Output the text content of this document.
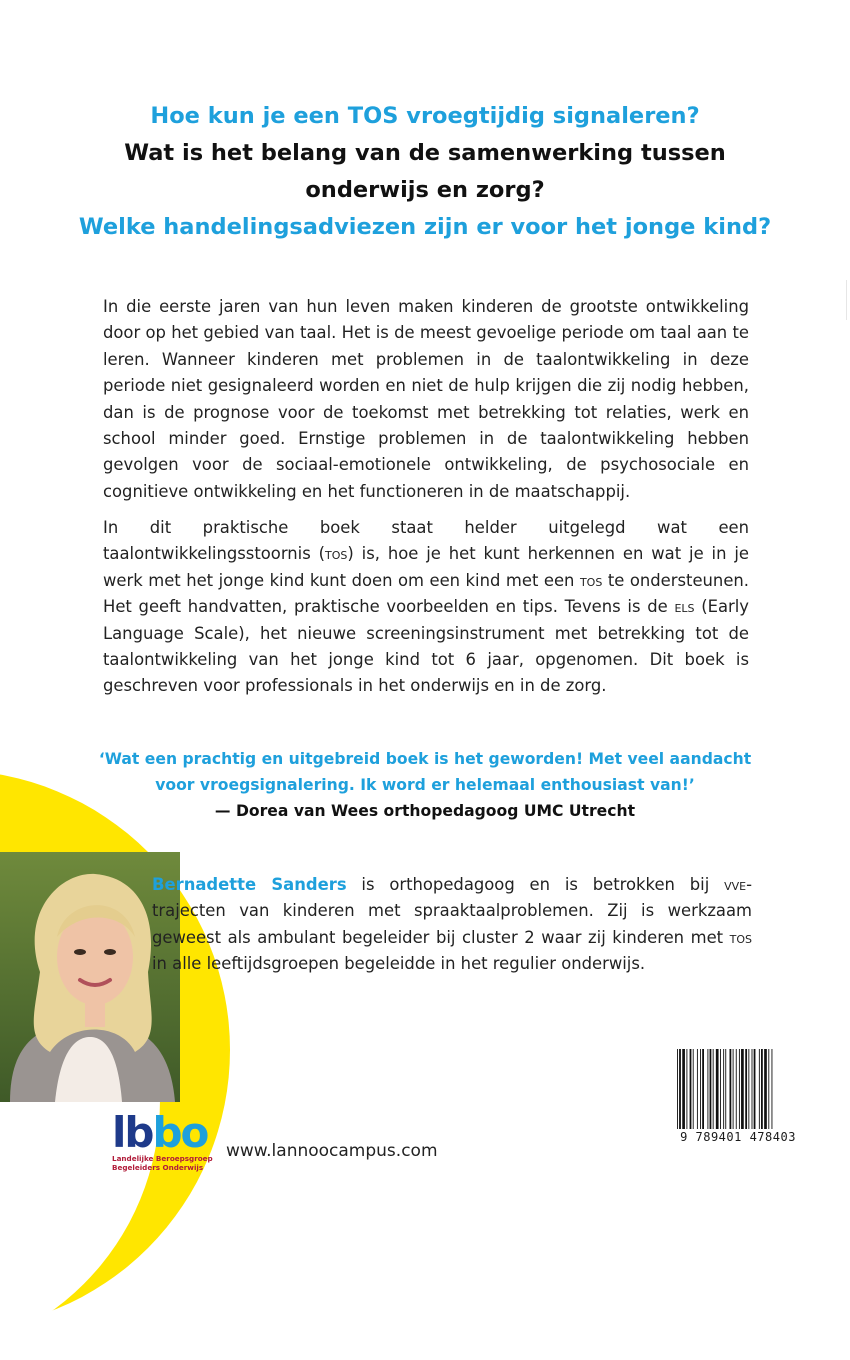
Hoe kun je een TOS vroegtijdig signaleren?
Wat is het belang van de samenwerking tussen
onderwijs en zorg?
Welke handelingsadviezen zijn er voor het jonge kind?

In die eerste jaren van hun leven maken kinderen de grootste ontwikkeling door op het gebied van taal. Het is de meest gevoelige periode om taal aan te leren. Wanneer kinderen met problemen in de taalontwikkeling in deze periode niet gesignaleerd worden en niet de hulp krijgen die zij nodig hebben, dan is de prognose voor de toekomst met betrekking tot relaties, werk en school minder goed. Ernstige problemen in de taalontwikkeling hebben gevolgen voor de sociaal-emotionele ontwikkeling, de psychosociale en cognitieve ontwikkeling en het functioneren in de maatschappij.

In dit praktische boek staat helder uitgelegd wat een taalontwikkelingsstoornis (tos) is, hoe je het kunt herkennen en wat je in je werk met het jonge kind kunt doen om een kind met een tos te ondersteunen. Het geeft handvatten, praktische voorbeelden en tips. Tevens is de els (Early Language Scale), het nieuwe screeningsinstrument met betrekking tot de taalontwikkeling van het jonge kind tot 6 jaar, opgenomen. Dit boek is geschreven voor professionals in het onderwijs en in de zorg.

‘Wat een prachtig en uitgebreid boek is het geworden! Met veel aandacht
voor vroegsignalering. Ik word er helemaal enthousiast van!’
— Dorea van Wees orthopedagoog UMC Utrecht

Bernadette Sanders is orthopedagoog en is betrokken bij vve- trajecten van kinderen met spraaktaalproblemen. Zij is werkzaam geweest als ambulant begeleider bij cluster 2 waar zij kinderen met tos in alle leeftijdsgroepen begeleidde in het regulier onderwijs.

9 789401 478403
lbbo
Landelijke Beroepsgroep
Begeleiders Onderwijs
www.lannoocampus.com
